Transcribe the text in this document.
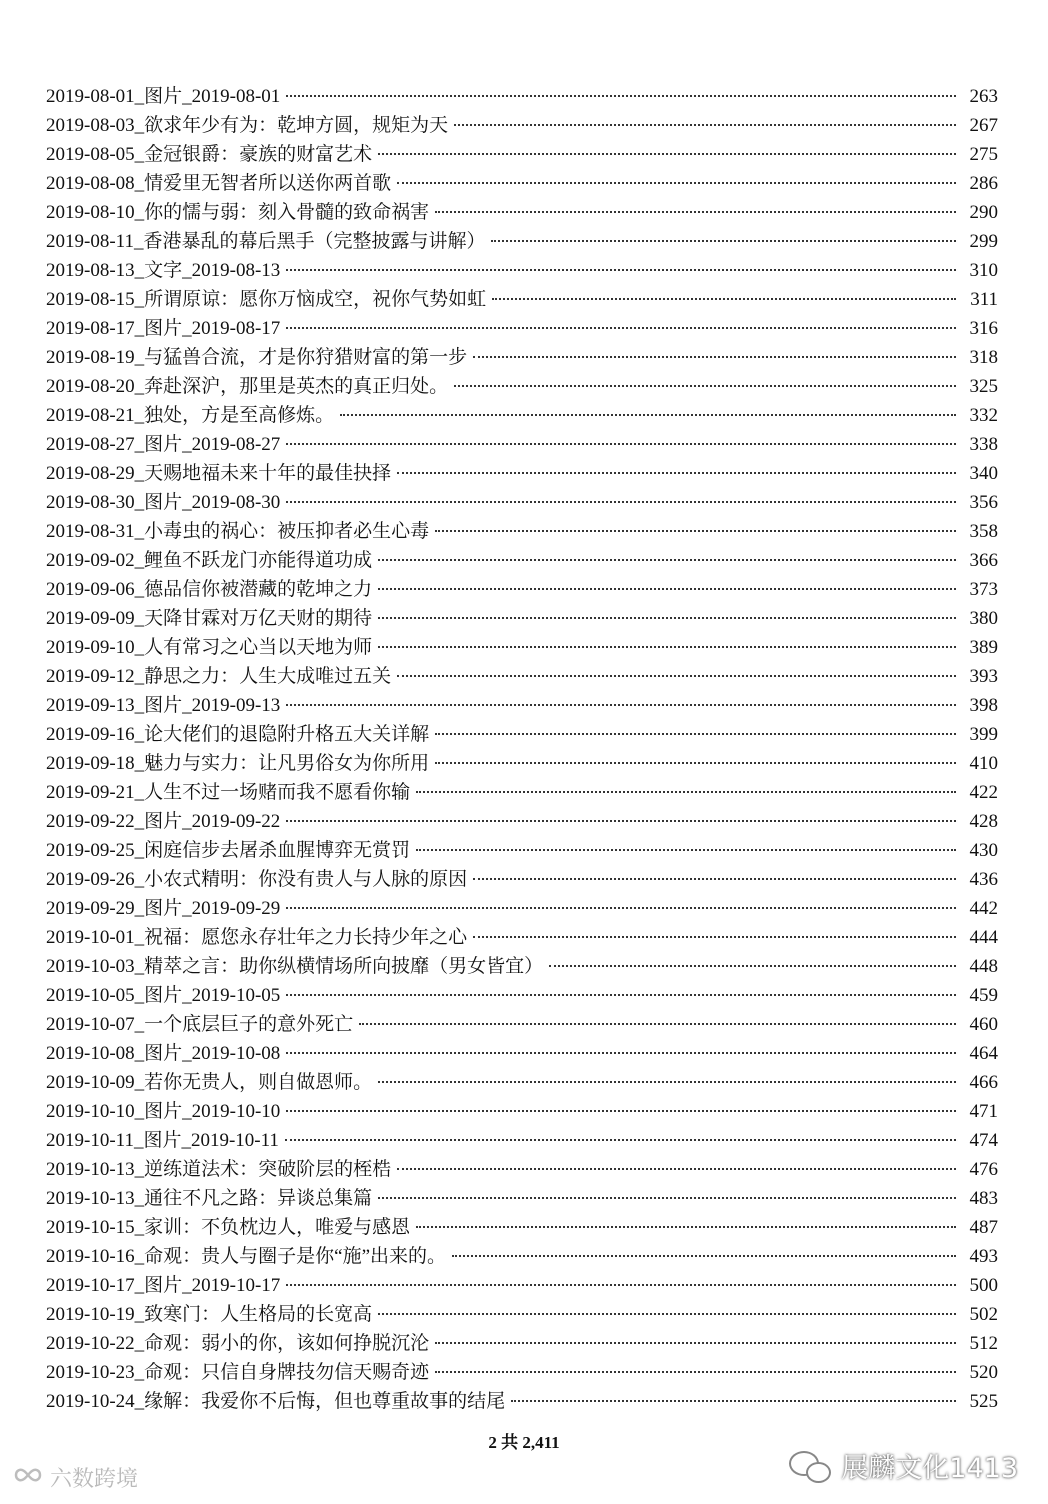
2019-08-01_图片_2019-08-01	263
2019-08-03_欲求年少有为：乾坤方圆，规矩为天	267
2019-08-05_金冠银爵：豪族的财富艺术	275
2019-08-08_情爱里无智者所以送你两首歌	286
2019-08-10_你的懦与弱：刻入骨髓的致命祸害	290
2019-08-11_香港暴乱的幕后黑手（完整披露与讲解）	299
2019-08-13_文字_2019-08-13	310
2019-08-15_所谓原谅：愿你万恼成空，祝你气势如虹	311
2019-08-17_图片_2019-08-17	316
2019-08-19_与猛兽合流，才是你狩猎财富的第一步	318
2019-08-20_奔赴深沪，那里是英杰的真正归处。	325
2019-08-21_独处，方是至高修炼。	332
2019-08-27_图片_2019-08-27	338
2019-08-29_天赐地福未来十年的最佳抉择	340
2019-08-30_图片_2019-08-30	356
2019-08-31_小毒虫的祸心：被压抑者必生心毒	358
2019-09-02_鲤鱼不跃龙门亦能得道功成	366
2019-09-06_德品信你被潜藏的乾坤之力	373
2019-09-09_天降甘霖对万亿天财的期待	380
2019-09-10_人有常习之心当以天地为师	389
2019-09-12_静思之力：人生大成唯过五关	393
2019-09-13_图片_2019-09-13	398
2019-09-16_论大佬们的退隐附升格五大关详解	399
2019-09-18_魅力与实力：让凡男俗女为你所用	410
2019-09-21_人生不过一场赌而我不愿看你输	422
2019-09-22_图片_2019-09-22	428
2019-09-25_闲庭信步去屠杀血腥博弈无赏罚	430
2019-09-26_小农式精明：你没有贵人与人脉的原因	436
2019-09-29_图片_2019-09-29	442
2019-10-01_祝福：愿您永存壮年之力长持少年之心	444
2019-10-03_精萃之言：助你纵横情场所向披靡（男女皆宜）	448
2019-10-05_图片_2019-10-05	459
2019-10-07_一个底层巨子的意外死亡	460
2019-10-08_图片_2019-10-08	464
2019-10-09_若你无贵人，则自做恩师。	466
2019-10-10_图片_2019-10-10	471
2019-10-11_图片_2019-10-11	474
2019-10-13_逆练道法术：突破阶层的桎梏	476
2019-10-13_通往不凡之路：异谈总集篇	483
2019-10-15_家训：不负枕边人，唯爱与感恩	487
2019-10-16_命观：贵人与圈子是你“施”出来的。	493
2019-10-17_图片_2019-10-17	500
2019-10-19_致寒门：人生格局的长宽高	502
2019-10-22_命观：弱小的你，该如何挣脱沉沦	512
2019-10-23_命观：只信自身牌技勿信天赐奇迹	520
2019-10-24_缘解：我爱你不后悔，但也尊重故事的结尾	525
2 共 2,411
六数跨境	展麟文化1413
